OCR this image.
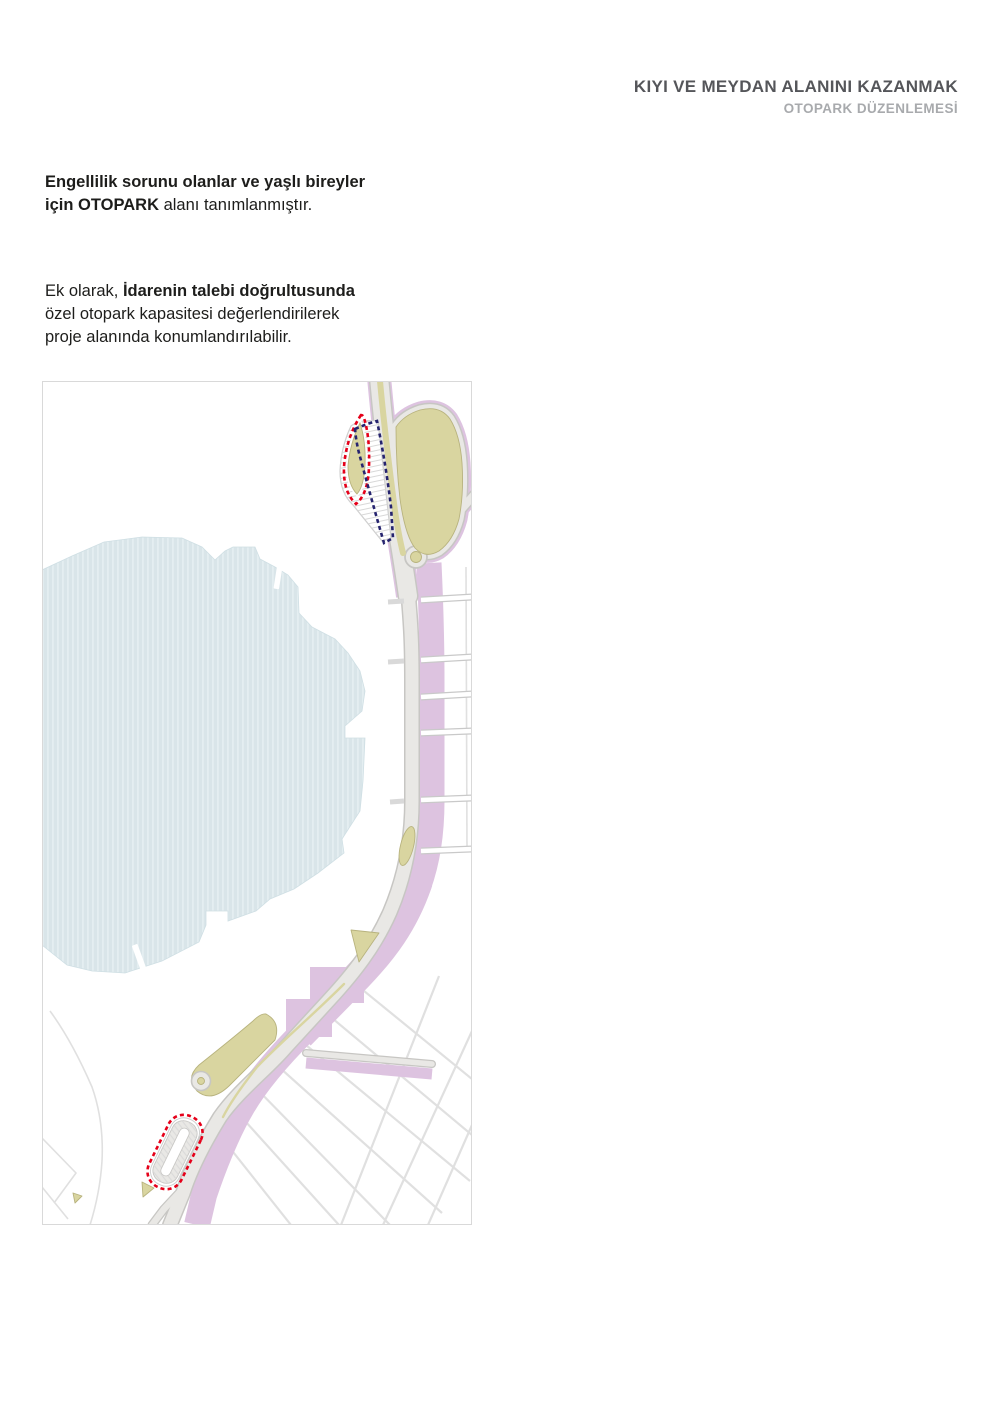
KIYI VE MEYDAN ALANINI KAZANMAK
OTOPARK DÜZENLEMESİ
Engellilik sorunu olanlar ve yaşlı bireyler
için OTOPARK alanı tanımlanmıştır.
Ek olarak, İdarenin talebi doğrultusunda
özel otopark kapasitesi değerlendirilerek
proje alanında konumlandırılabilir.
